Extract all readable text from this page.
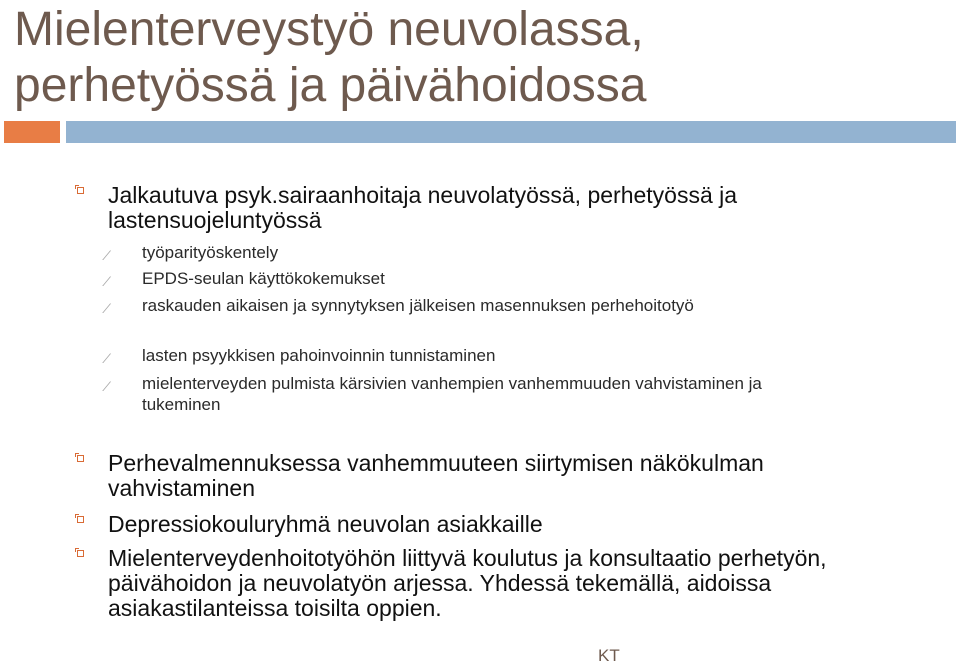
Mielenterveystyö neuvolassa,
perhetyössä ja päivähoidossa
Jalkautuva psyk.sairaanhoitaja neuvolatyössä, perhetyössä ja lastensuojeluntyössä
⁄ työparityöskentely
⁄ EPDS-seulan käyttökokemukset
⁄ raskauden aikaisen ja synnytyksen jälkeisen masennuksen perhehoitotyö
⁄ lasten psyykkisen pahoinvoinnin tunnistaminen
⁄ mielenterveyden pulmista kärsivien vanhempien vanhemmuuden vahvistaminen ja tukeminen
Perhevalmennuksessa vanhemmuuteen siirtymisen näkökulman vahvistaminen
Depressiokouluryhmä neuvolan asiakkaille
Mielenterveydenhoitotyöhön liittyvä koulutus ja konsultaatio perhetyön, päivähoidon ja neuvolatyön arjessa. Yhdessä tekemällä, aidoissa asiakastilanteissa toisilta oppien.
KT
